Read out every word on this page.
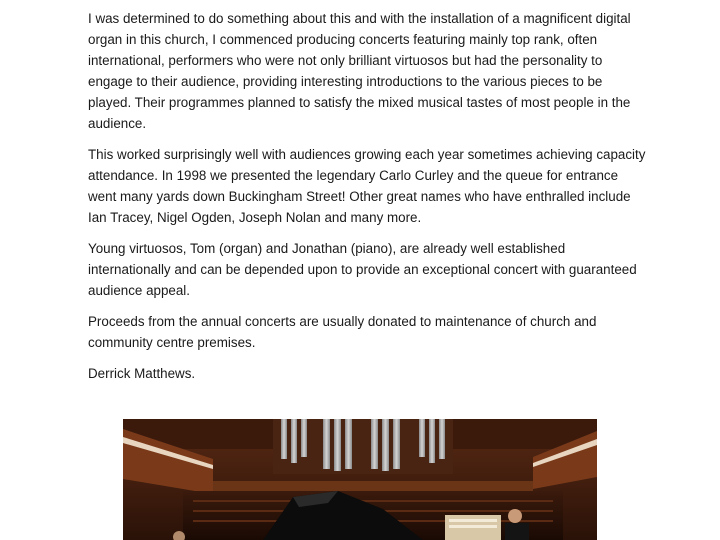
I was determined to do something about this and with the installation of a magnificent digital organ in this church, I commenced producing concerts featuring mainly top rank, often international, performers who were not only brilliant virtuosos but had the personality to engage to their audience, providing interesting introductions to the various pieces to be played. Their programmes planned to satisfy the mixed musical tastes of most people in the audience.

This worked surprisingly well with audiences growing each year sometimes achieving capacity attendance. In 1998 we presented the legendary Carlo Curley and the queue for entrance went many yards down Buckingham Street! Other great names who have enthralled include Ian Tracey, Nigel Ogden, Joseph Nolan and many more.

Young virtuosos, Tom (organ) and Jonathan (piano), are already well established internationally and can be depended upon to provide an exceptional concert with guaranteed audience appeal.

Proceeds from the annual concerts are usually donated to maintenance of church and community centre premises.

Derrick Matthews.
